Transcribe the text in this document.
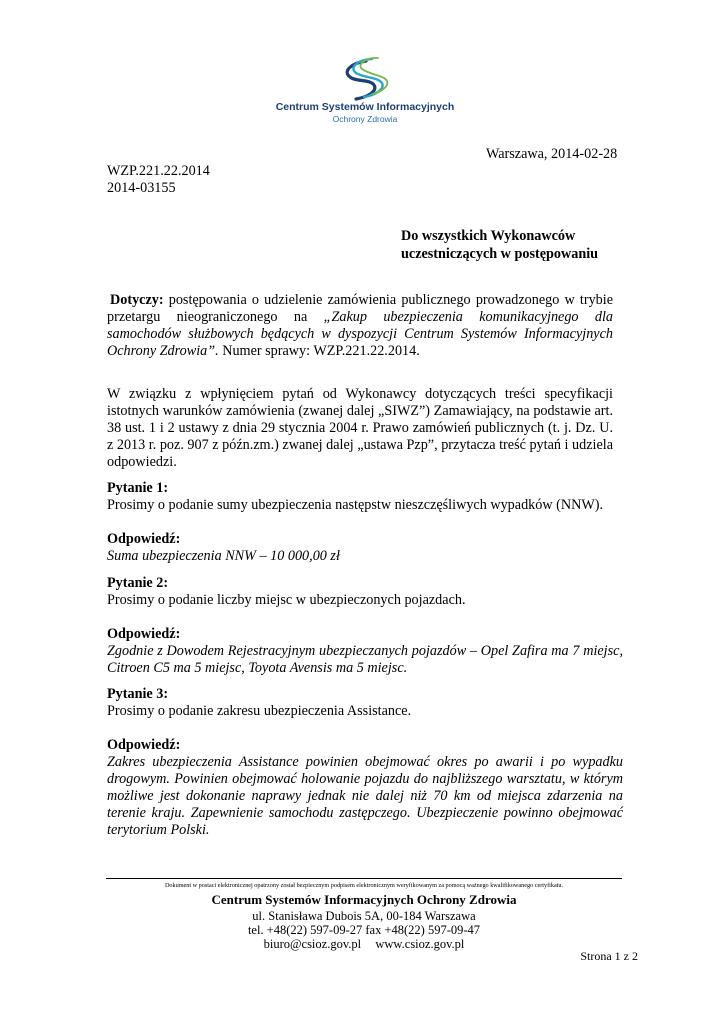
Centrum Systemów Informacyjnych
Ochrony Zdrowia
Warszawa, 2014-02-28
WZP.221.22.2014
2014-03155
Do wszystkich Wykonawców
uczestniczących w postępowaniu
Dotyczy: postępowania o udzielenie zamówienia publicznego prowadzonego w trybie przetargu nieograniczonego na „Zakup ubezpieczenia komunikacyjnego dla samochodów służbowych będących w dyspozycji Centrum Systemów Informacyjnych Ochrony Zdrowia”. Numer sprawy: WZP.221.22.2014.
W związku z wpłynięciem pytań od Wykonawcy dotyczących treści specyfikacji istotnych warunków zamówienia (zwanej dalej „SIWZ”) Zamawiający, na podstawie art. 38 ust. 1 i 2 ustawy z dnia 29 stycznia 2004 r. Prawo zamówień publicznych (t. j. Dz. U. z 2013 r. poz. 907 z późn.zm.) zwanej dalej „ustawa Pzp”, przytacza treść pytań i udziela odpowiedzi.
Pytanie 1:
Prosimy o podanie sumy ubezpieczenia następstw nieszczęśliwych wypadków (NNW).
Odpowiedź:
Suma ubezpieczenia NNW – 10 000,00 zł
Pytanie 2:
Prosimy o podanie liczby miejsc w ubezpieczonych pojazdach.
Odpowiedź:
Zgodnie z Dowodem Rejestracyjnym ubezpieczanych pojazdów – Opel Zafira ma 7 miejsc, Citroen C5 ma 5 miejsc, Toyota Avensis ma 5 miejsc.
Pytanie 3:
Prosimy o podanie zakresu ubezpieczenia Assistance.
Odpowiedź:
Zakres ubezpieczenia Assistance powinien obejmować okres po awarii i po wypadku drogowym. Powinien obejmować holowanie pojazdu do najbliższego warsztatu, w którym możliwe jest dokonanie naprawy jednak nie dalej niż 70 km od miejsca zdarzenia na terenie kraju. Zapewnienie samochodu zastępczego. Ubezpieczenie powinno obejmować terytorium Polski.
Dokument w postaci elektronicznej opatrzony został bezpiecznym podpisem elektronicznym weryfikowanym za pomocą ważnego kwalifikowanego certyfikatu.
Centrum Systemów Informacyjnych Ochrony Zdrowia
ul. Stanisława Dubois 5A, 00-184 Warszawa
tel. +48(22) 597-09-27 fax +48(22) 597-09-47
biuro@csioz.gov.pl www.csioz.gov.pl
Strona 1 z 2
